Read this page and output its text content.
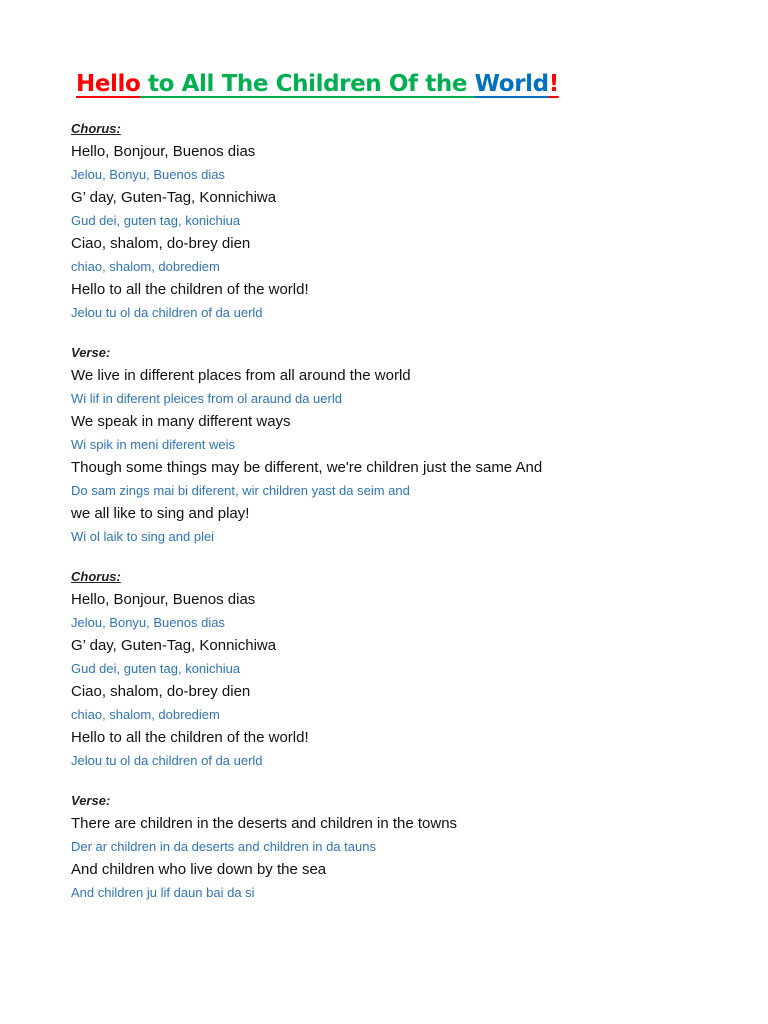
Hello to All The Children Of the World!
Chorus:
Hello, Bonjour, Buenos dias
Jelou, Bonyu, Buenos dias
G’ day, Guten-Tag, Konnichiwa
Gud dei, guten tag, konichiua
Ciao, shalom, do-brey dien
chiao, shalom, dobrediem
Hello to all the children of the world!
Jelou tu ol da children of da uerld
Verse:
We live in different places from all around the world
Wi lif in diferent pleices from ol araund da uerld
We speak in many different ways
Wi spik in meni diferent weis
Though some things may be different, we're children just the same And
Do sam zings mai bi diferent, wir children yast da seim and
we all like to sing and play!
Wi ol laik to sing and plei
Chorus:
Hello, Bonjour, Buenos dias
Jelou, Bonyu, Buenos dias
G’ day, Guten-Tag, Konnichiwa
Gud dei, guten tag, konichiua
Ciao, shalom, do-brey dien
chiao, shalom, dobrediem
Hello to all the children of the world!
Jelou tu ol da children of da uerld
Verse:
There are children in the deserts and children in the towns
Der ar children in da deserts and children in da tauns
And children who live down by the sea
And children ju lif daun bai da si
